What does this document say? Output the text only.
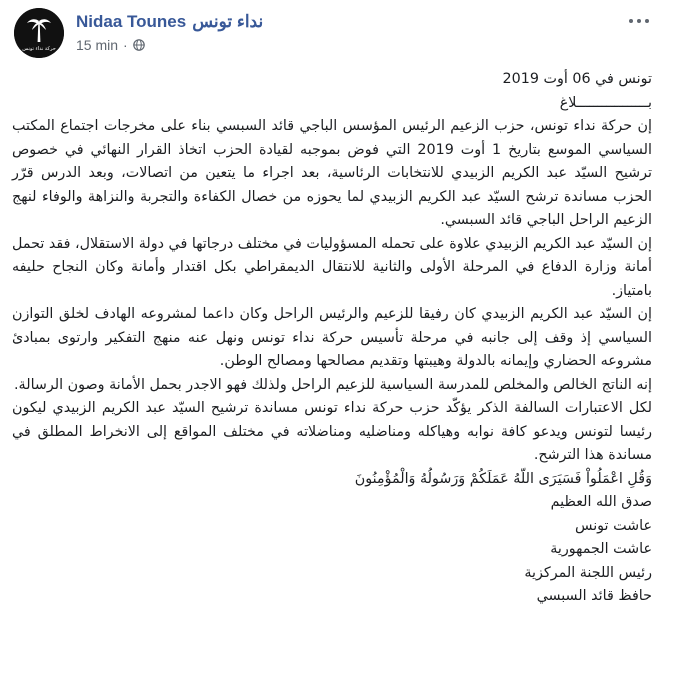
حركة نداء تونس
Nidaa Tounes نداء تونس
15 min ·
تونس في 06 أوت 2019
بـــــــــــــــــلاغ

إن حركة نداء تونس، حزب الزعيم الرئيس المؤسس الباجي قائد السبسي بناء على مخرجات اجتماع المكتب السياسي الموسع بتاريخ 1 أوت 2019 التي فوض بموجبه لقيادة الحزب اتخاذ القرار النهائي في خصوص ترشيح السيّد عبد الكريم الزبيدي للانتخابات الرئاسية، بعد اجراء ما يتعين من اتصالات، وبعد الدرس قرّر الحزب مساندة ترشح السيّد عبد الكريم الزبيدي لما يحوزه من خصال الكفاءة والتجربة والنزاهة والوفاء لنهج الزعيم الراحل الباجي قائد السبسي.

إن السيّد عبد الكريم الزبيدي علاوة على تحمله المسؤوليات في مختلف درجاتها في دولة الاستقلال، فقد تحمل أمانة وزارة الدفاع في المرحلة الأولى والثانية للانتقال الديمقراطي بكل اقتدار وأمانة وكان النجاح حليفه بامتياز.

إن السيّد عبد الكريم الزبيدي كان رفيقا للزعيم والرئيس الراحل وكان داعما لمشروعه الهادف لخلق التوازن السياسي إذ وقف إلى جانبه في مرحلة تأسيس حركة نداء تونس ونهل عنه منهج التفكير وارتوى بمبادئ مشروعه الحضاري وإيمانه بالدولة وهيبتها وتقديم مصالحها ومصالح الوطن.

إنه الناتج الخالص والمخلص للمدرسة السياسية للزعيم الراحل ولذلك فهو الاجدر بحمل الأمانة وصون الرسالة.

لكل الاعتبارات السالفة الذكر يؤكّد حزب حركة نداء تونس مساندة ترشيح السيّد عبد الكريم الزبيدي ليكون رئيسا لتونس ويدعو كافة نوابه وهياكله ومناضليه ومناضلاته في مختلف المواقع إلى الانخراط المطلق في مساندة هذا الترشح.

وَقُلِ اعْمَلُواْ فَسَيَرَى اللّهُ عَمَلَكُمْ وَرَسُولُهُ وَالْمُؤْمِنُونَ
صدق الله العظيم
عاشت تونس
عاشت الجمهورية
رئيس اللجنة المركزية
حافظ قائد السبسي
